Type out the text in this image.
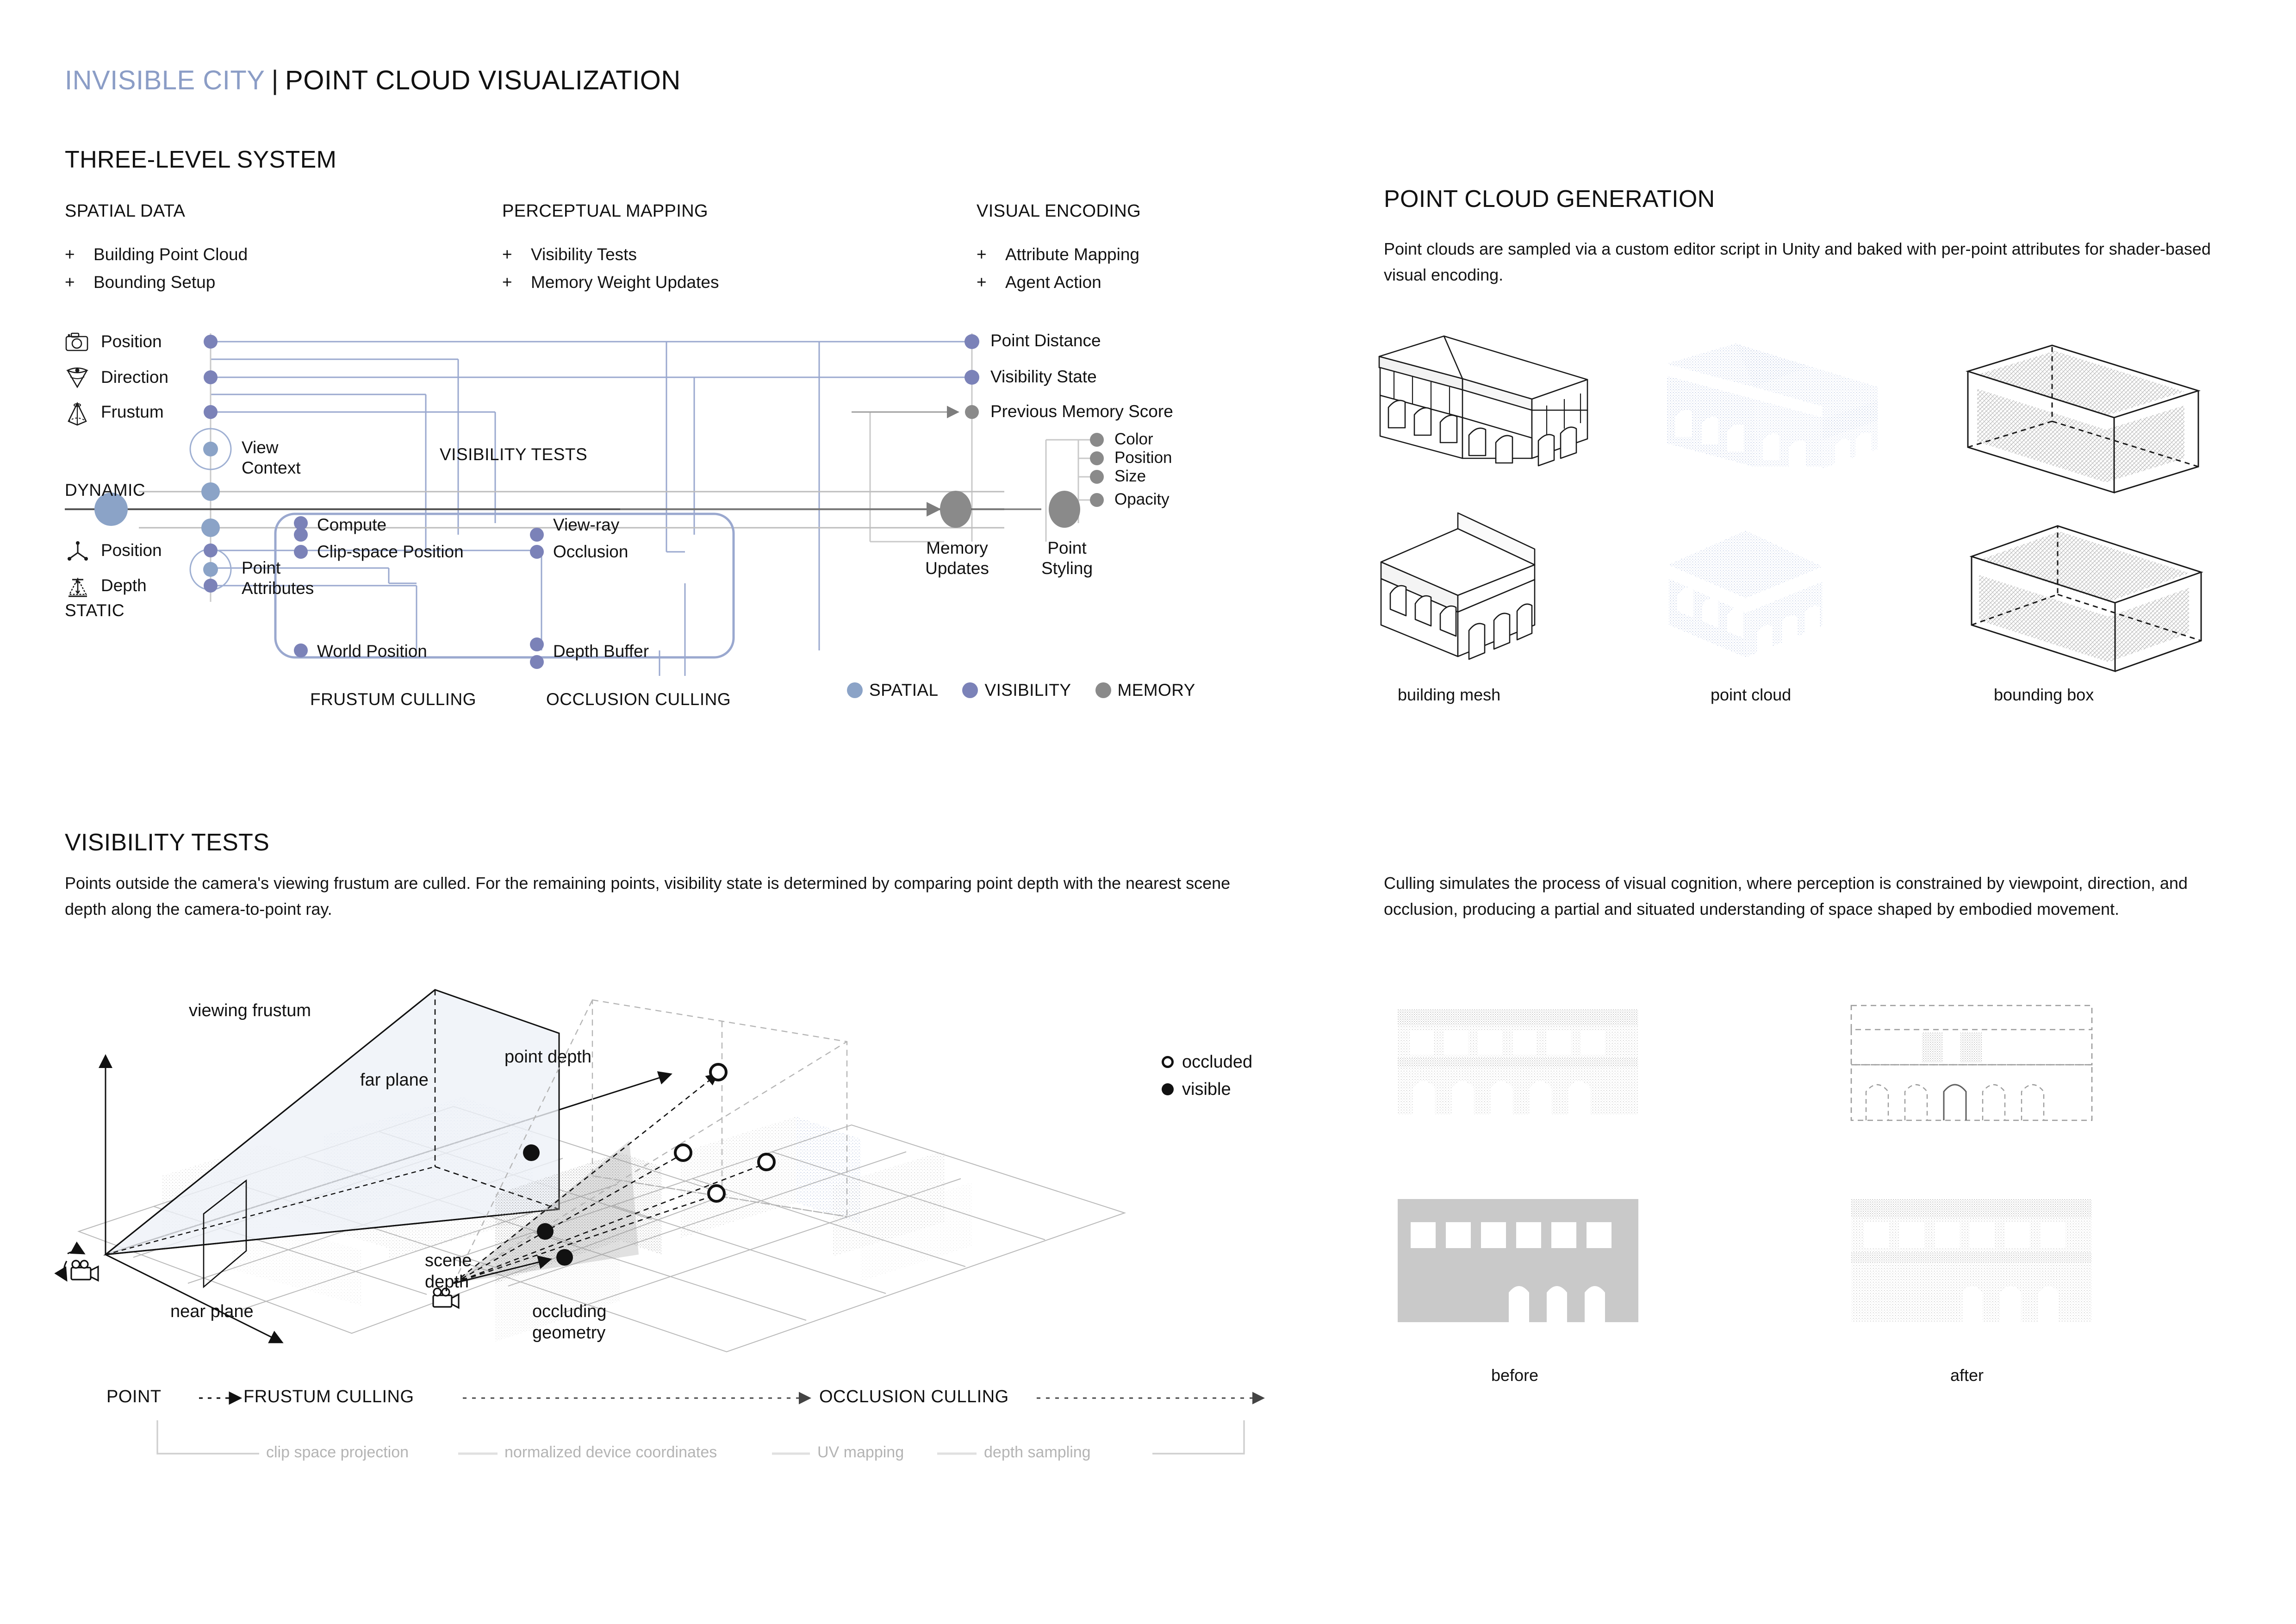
INVISIBLE CITY | POINT CLOUD VISUALIZATION
THREE-LEVEL SYSTEM
SPATIAL DATA
+ Building Point Cloud
+ Bounding Setup
PERCEPTUAL MAPPING
+ Visibility Tests
+ Memory Weight Updates
VISUAL ENCODING
+ Attribute Mapping
+ Agent Action
Position
Direction
Frustum
Position
Depth
DYNAMIC
STATIC
View Context
Point Attributes
VISIBILITY TESTS
Compute
Clip-space Position
View-ray
Occlusion
World Position	Depth Buffer
FRUSTUM CULLING	OCCLUSION CULLING
Point Distance
Visibility State
Previous Memory Score
Color
Position
Size
Opacity
Memory Updates
Point Styling
SPATIAL	VISIBILITY	MEMORY
VISIBILITY TESTS
Points outside the camera's viewing frustum are culled. For the remaining points, visibility state is determined by comparing point depth with the nearest scene depth along the camera-to-point ray.
viewing frustum
far plane
near plane
scene depth
point depth
occluding geometry
occluded
visible
POINT	FRUSTUM CULLING	OCCLUSION CULLING
clip space projection	normalized device coordinates	UV mapping	depth sampling
POINT CLOUD GENERATION
Point clouds are sampled via a custom editor script in Unity and baked with per-point attributes for shader-based visual encoding.
building mesh	point cloud	bounding box
Culling simulates the process of visual cognition, where perception is constrained by viewpoint, direction, and occlusion, producing a partial and situated understanding of space shaped by embodied movement.
before	after
